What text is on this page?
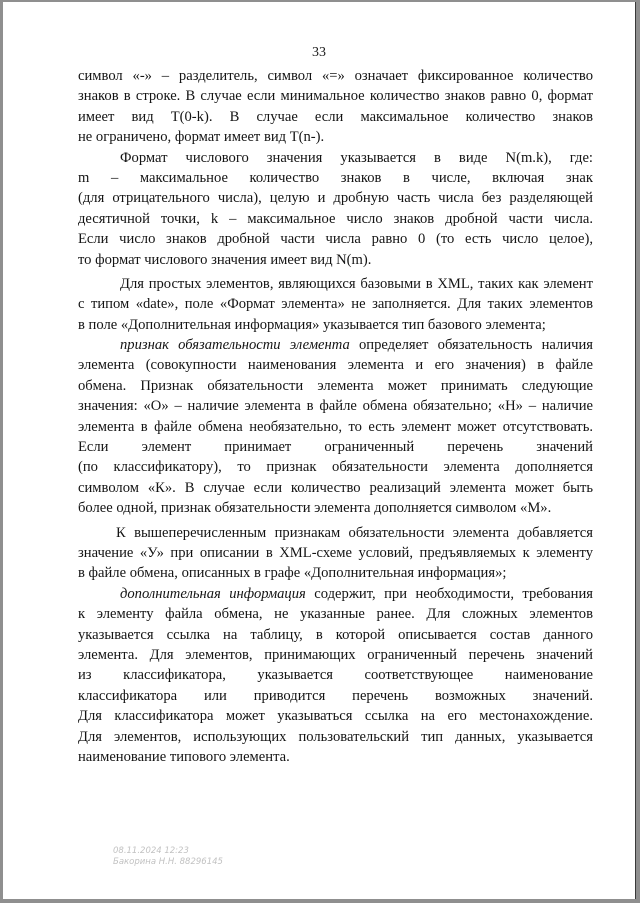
33
символ «-» – разделитель, символ «=» означает фиксированное количество
знаков в строке. В случае если минимальное количество знаков равно 0, формат
имеет вид Т(0-k). В случае если максимальное количество знаков
не ограничено, формат имеет вид Т(n-).
Формат числового значения указывается в виде N(m.k), где:
m – максимальное количество знаков в числе, включая знак
(для отрицательного числа), целую и дробную часть числа без разделяющей
десятичной точки, k – максимальное число знаков дробной части числа.
Если число знаков дробной части числа равно 0 (то есть число целое),
то формат числового значения имеет вид N(m).
Для простых элементов, являющихся базовыми в XML, таких как элемент
с типом «date», поле «Формат элемента» не заполняется. Для таких элементов
в поле «Дополнительная информация» указывается тип базового элемента;
признак обязательности элемента определяет обязательность наличия
элемента (совокупности наименования элемента и его значения) в файле
обмена. Признак обязательности элемента может принимать следующие
значения: «О» – наличие элемента в файле обмена обязательно; «Н» – наличие
элемента в файле обмена необязательно, то есть элемент может отсутствовать.
Если элемент принимает ограниченный перечень значений
(по классификатору), то признак обязательности элемента дополняется
символом «К». В случае если количество реализаций элемента может быть
более одной, признак обязательности элемента дополняется символом «М».
К вышеперечисленным признакам обязательности элемента добавляется
значение «У» при описании в XML-схеме условий, предъявляемых к элементу
в файле обмена, описанных в графе «Дополнительная информация»;
дополнительная информация содержит, при необходимости, требования
к элементу файла обмена, не указанные ранее. Для сложных элементов
указывается ссылка на таблицу, в которой описывается состав данного
элемента. Для элементов, принимающих ограниченный перечень значений
из классификатора, указывается соответствующее наименование
классификатора или приводится перечень возможных значений.
Для классификатора может указываться ссылка на его местонахождение.
Для элементов, использующих пользовательский тип данных, указывается
наименование типового элемента.
08.11.2024 12:23
Бакорина Н.Н. 88296145
